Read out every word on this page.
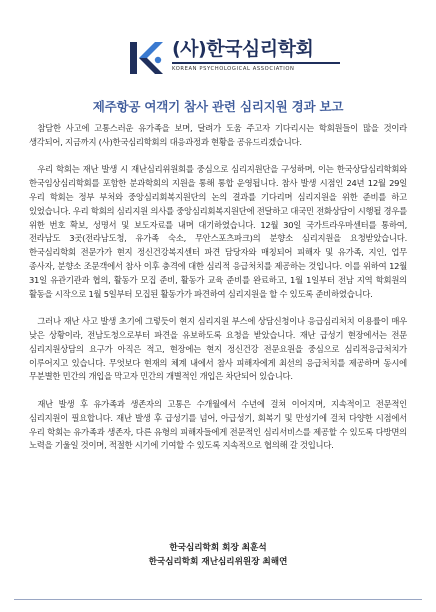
(사)한국심리학회
KOREAN PSYCHOLOGICAL ASSOCIATION
제주항공 여객기 참사 관련 심리지원 경과 보고

참담한 사고에 고통스러운 유가족을 보며, 달려가 도움 주고자 기다리시는 학회원들이 많을 것이라 생각되어, 지금까지 (사)한국심리학회의 대응과정과 현황을 공유드리겠습니다.

우리 학회는 재난 발생 시 재난심리위원회를 중심으로 심리지원단을 구성하며, 이는 한국상담심리학회와 한국임상심리학회를 포함한 분과학회의 지원을 통해 통합 운영됩니다. 참사 발생 시점인 24년 12월 29일 우리 학회는 정부 부처와 중앙심리회복지원단의 논의 결과를 기다리며 심리지원을 위한 준비를 하고 있었습니다. 우리 학회의 심리지원 의사를 중앙심리회복지원단에 전달하고 대국민 전화상담이 시행될 경우를 위한 번호 확보, 성명서 및 보도자료를 내며 대기하였습니다. 12월 30일 국가트라우마센터를 통하여, 전라남도 3곳(전라남도청, 유가족 숙소, 무안스포츠파크)의 분향소 심리지원을 요청받았습니다. 한국심리학회 전문가가 현지 정신건강복지센터 파견 담당자와 매칭되어 피해자 및 유가족, 지인, 업무 종사자, 분향소 조문객에서 참사 이후 충격에 대한 심리적 응급처치를 제공하는 것입니다. 이를 위하여 12월 31일 유관기관과 협의, 활동가 모집 준비, 활동가 교육 준비를 완료하고, 1월 1일부터 전남 지역 학회원의 활동을 시작으로 1월 5일부터 모집된 활동가가 파견하여 심리지원을 할 수 있도록 준비하였습니다.

그러나 재난 사고 발생 초기에 그렇듯이 현지 심리지원 부스에 상담신청이나 응급심리처치 이용률이 매우 낮은 상황이라, 전남도청으로부터 파견을 유보하도록 요청을 받았습니다. 재난 급성기 현장에서는 전문 심리지원상담의 요구가 아직은 적고, 현장에는 현지 정신건강 전문요원을 중심으로 심리적응급처치가 이루어지고 있습니다. 무엇보다 현재의 체계 내에서 참사 피해자에게 최선의 응급처치를 제공하며 동시에 무분별한 민간의 개입을 막고자 민간의 개별적인 개입은 차단되어 있습니다.

재난 발생 후 유가족과 생존자의 고통은 수개월에서 수년에 걸쳐 이어지며, 지속적이고 전문적인 심리지원이 필요합니다. 재난 발생 후 급성기를 넘어, 아급성기, 회복기 및 만성기에 걸쳐 다양한 시점에서 우리 학회는 유가족과 생존자, 다른 유형의 피해자들에게 전문적인 심리서비스를 제공할 수 있도록 다방면의 노력을 기울일 것이며, 적절한 시기에 기여할 수 있도록 지속적으로 협의해 갈 것입니다.

한국심리학회 회장 최훈석
한국심리학회 재난심리위원장 최해연
